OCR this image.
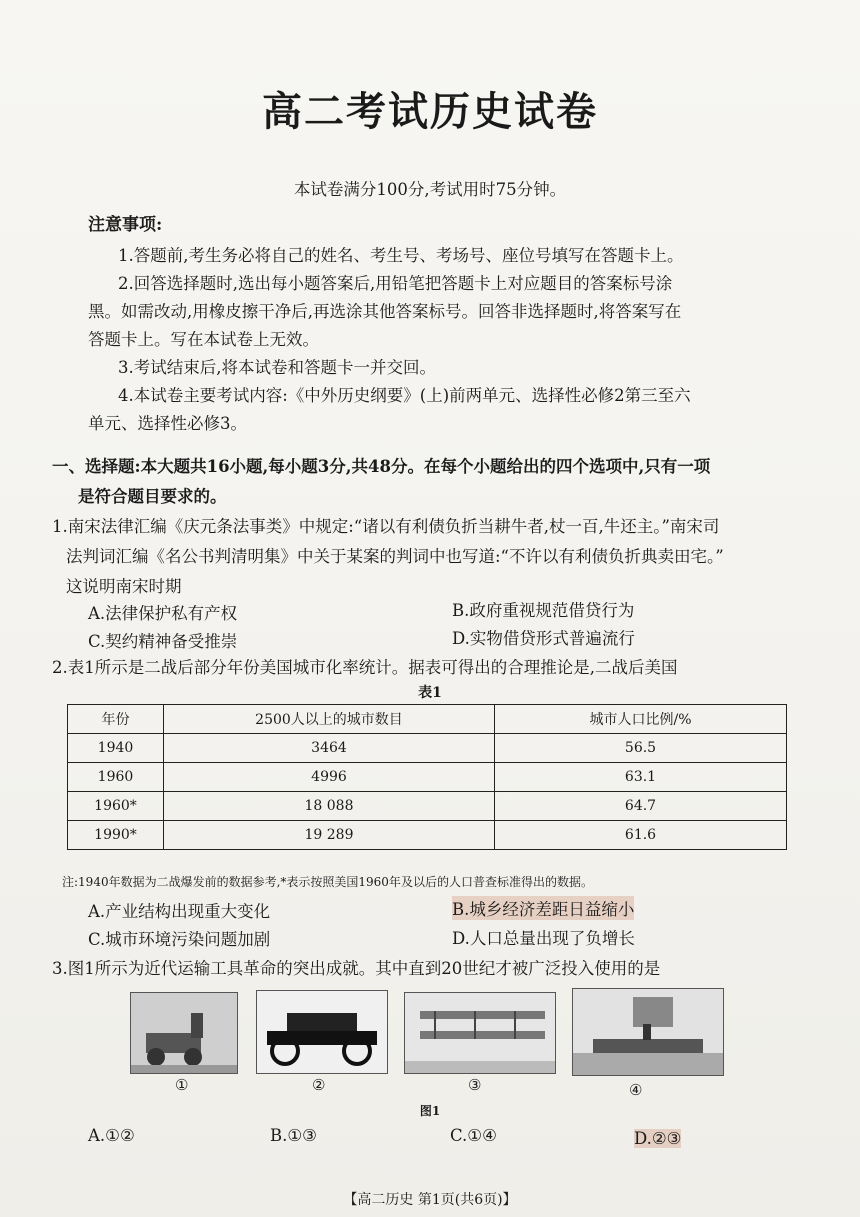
高二考试历史试卷
本试卷满分100分,考试用时75分钟。
注意事项:
1.答题前,考生务必将自己的姓名、考生号、考场号、座位号填写在答题卡上。
2.回答选择题时,选出每小题答案后,用铅笔把答题卡上对应题目的答案标号涂
黑。如需改动,用橡皮擦干净后,再选涂其他答案标号。回答非选择题时,将答案写在
答题卡上。写在本试卷上无效。
3.考试结束后,将本试卷和答题卡一并交回。
4.本试卷主要考试内容:《中外历史纲要》(上)前两单元、选择性必修2第三至六
单元、选择性必修3。
一、选择题:本大题共16小题,每小题3分,共48分。在每个小题给出的四个选项中,只有一项
是符合题目要求的。
1.南宋法律汇编《庆元条法事类》中规定:“诸以有利债负折当耕牛者,杖一百,牛还主。”南宋司
法判词汇编《名公书判清明集》中关于某案的判词中也写道:“不许以有利债负折典卖田宅。”
这说明南宋时期
A.法律保护私有产权	B.政府重视规范借贷行为
C.契约精神备受推崇	D.实物借贷形式普遍流行
2.表1所示是二战后部分年份美国城市化率统计。据表可得出的合理推论是,二战后美国
表1
年份	2500人以上的城市数目	城市人口比例/%
1940	3464	56.5
1960	4996	63.1
1960*	18 088	64.7
1990*	19 289	61.6
注:1940年数据为二战爆发前的数据参考,*表示按照美国1960年及以后的人口普查标准得出的数据。
A.产业结构出现重大变化	B.城乡经济差距日益缩小
C.城市环境污染问题加剧	D.人口总量出现了负增长
3.图1所示为近代运输工具革命的突出成就。其中直到20世纪才被广泛投入使用的是
①	②	③	④
图1
A.①②	B.①③	C.①④	D.②③
【高二历史 第1页(共6页)】
